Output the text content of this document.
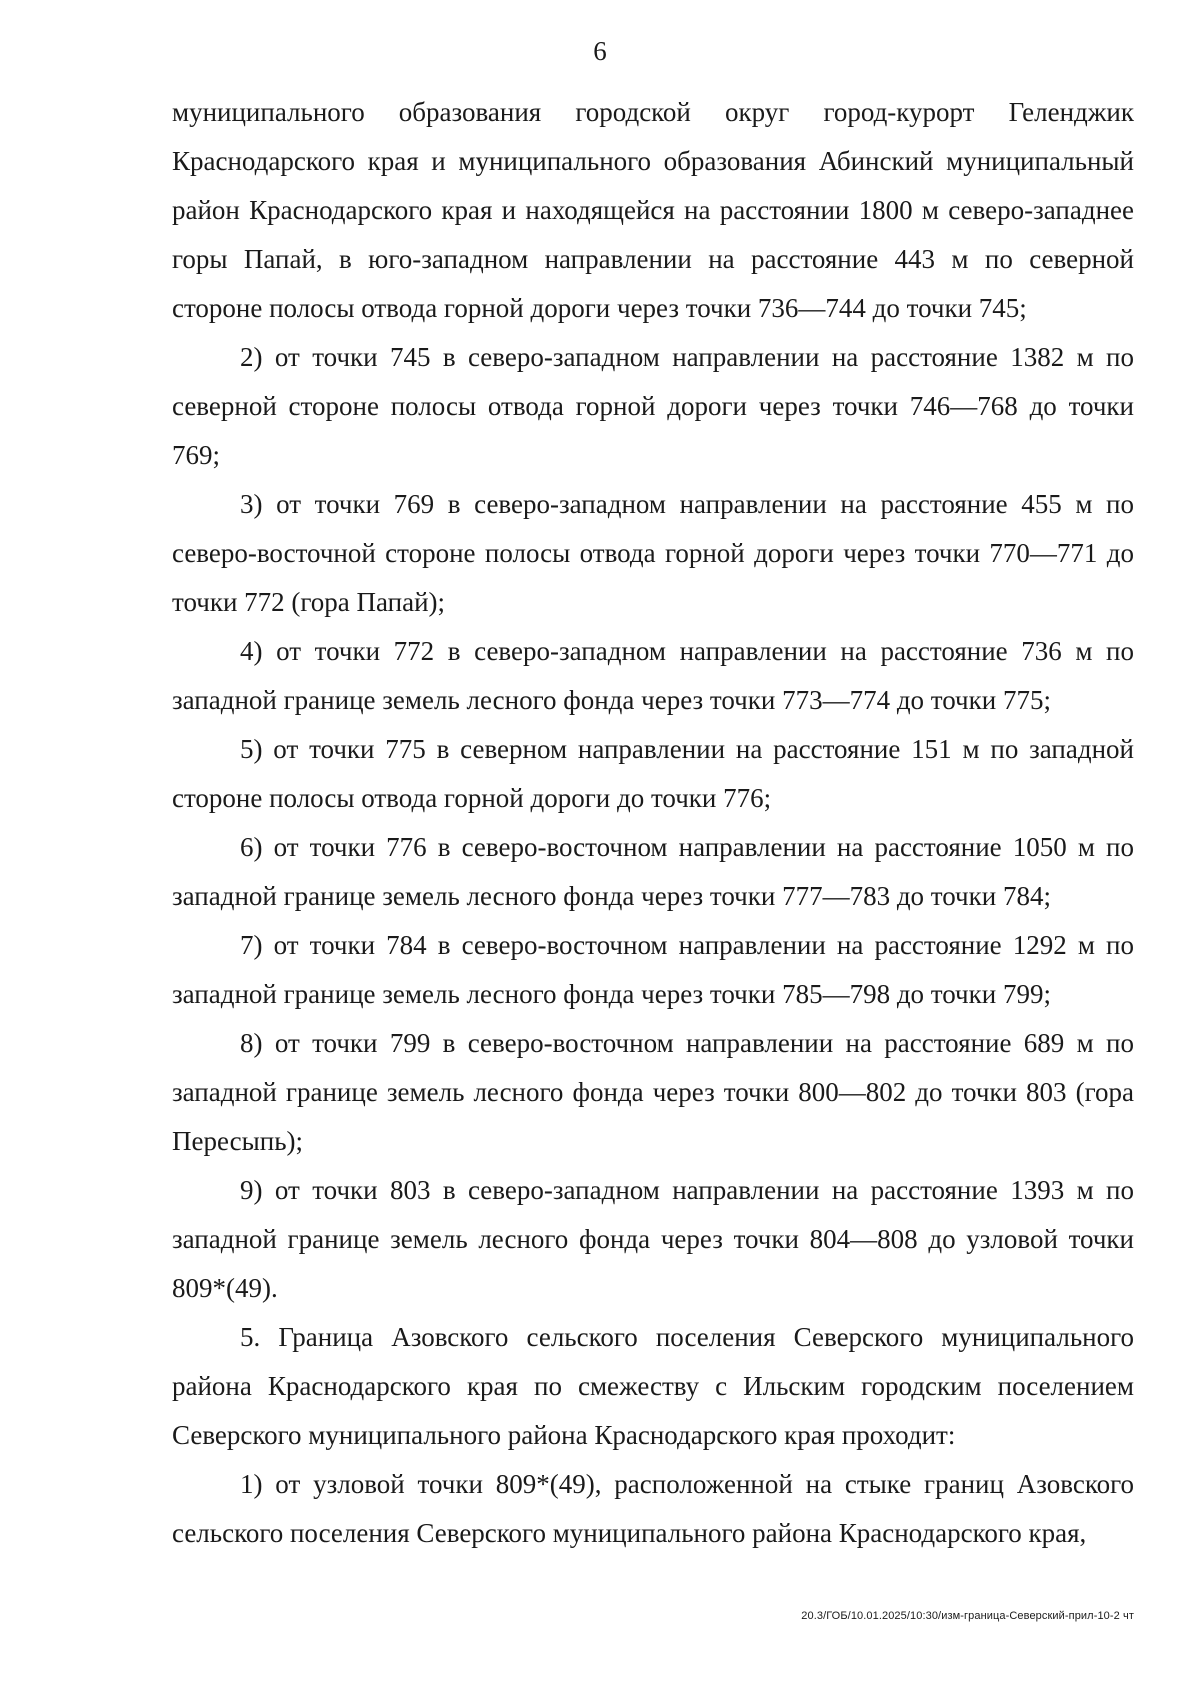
6

муниципального образования городской округ город-курорт Геленджик Краснодарского края и муниципального образования Абинский муниципальный район Краснодарского края и находящейся на расстоянии 1800 м северо-западнее горы Папай, в юго-западном направлении на расстояние 443 м по северной стороне полосы отвода горной дороги через точки 736—744 до точки 745;

2) от точки 745 в северо-западном направлении на расстояние 1382 м по северной стороне полосы отвода горной дороги через точки 746—768 до точки 769;

3) от точки 769 в северо-западном направлении на расстояние 455 м по северо-восточной стороне полосы отвода горной дороги через точки 770—771 до точки 772 (гора Папай);

4) от точки 772 в северо-западном направлении на расстояние 736 м по западной границе земель лесного фонда через точки 773—774 до точки 775;

5) от точки 775 в северном направлении на расстояние 151 м по западной стороне полосы отвода горной дороги до точки 776;

6) от точки 776 в северо-восточном направлении на расстояние 1050 м по западной границе земель лесного фонда через точки 777—783 до точки 784;

7) от точки 784 в северо-восточном направлении на расстояние 1292 м по западной границе земель лесного фонда через точки 785—798 до точки 799;

8) от точки 799 в северо-восточном направлении на расстояние 689 м по западной границе земель лесного фонда через точки 800—802 до точки 803 (гора Пересыпь);

9) от точки 803 в северо-западном направлении на расстояние 1393 м по западной границе земель лесного фонда через точки 804—808 до узловой точки 809*(49).

5. Граница Азовского сельского поселения Северского муниципального района Краснодарского края по смежеству с Ильским городским поселением Северского муниципального района Краснодарского края проходит:

1) от узловой точки 809*(49), расположенной на стыке границ Азовского сельского поселения Северского муниципального района Краснодарского края,

20.3/ГОБ/10.01.2025/10:30/изм-граница-Северский-прил-10-2 чт
